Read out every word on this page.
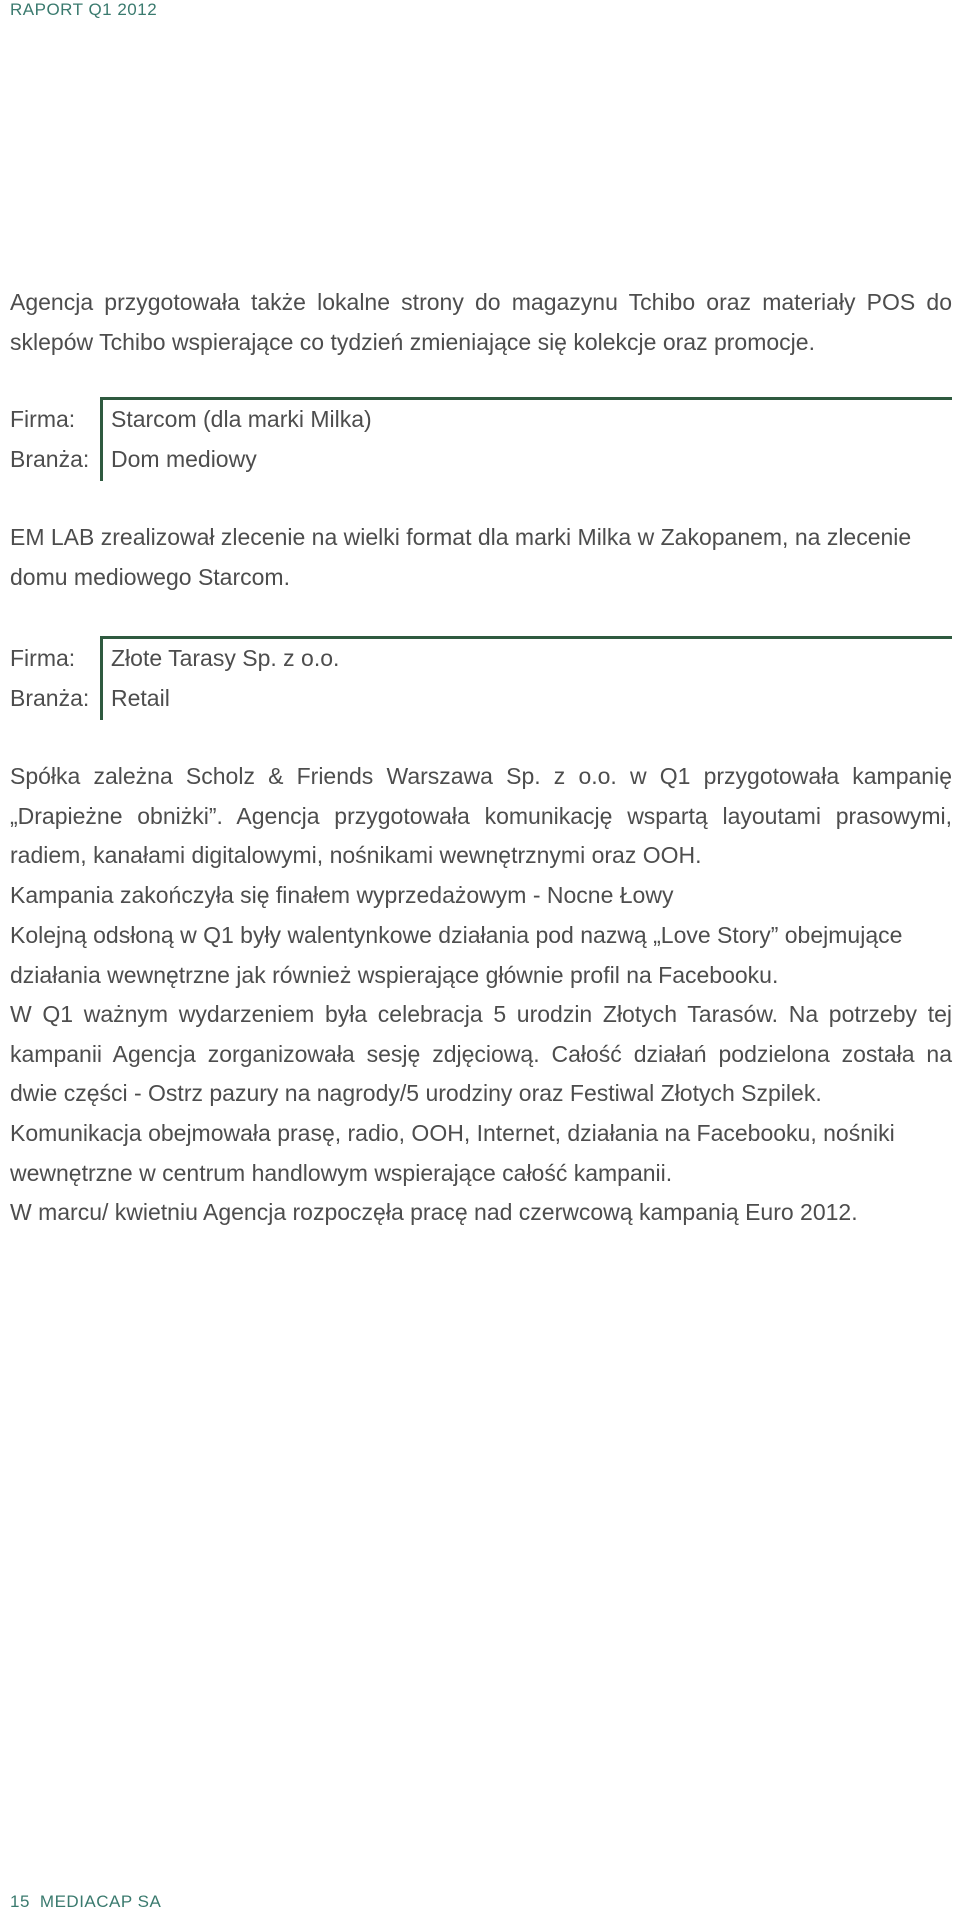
RAPORT Q1 2012

Agencja przygotowała także lokalne strony do magazynu Tchibo oraz materiały POS do sklepów Tchibo wspierające co tydzień zmieniające się kolekcje oraz promocje.

Firma:	Starcom (dla marki Milka)
Branża: Dom mediowy

EM LAB zrealizował zlecenie na wielki format dla marki Milka w Zakopanem, na zlecenie domu mediowego Starcom.

Firma:	Złote Tarasy Sp. z o.o.
Branża: Retail

Spółka zależna Scholz & Friends Warszawa Sp. z o.o. w Q1 przygotowała kampanię „Drapieżne obniżki”. Agencja przygotowała komunikację wspartą layoutami prasowymi, radiem, kanałami digitalowymi, nośnikami wewnętrznymi oraz OOH.

Kampania zakończyła się finałem wyprzedażowym - Nocne Łowy

Kolejną odsłoną w Q1 były walentynkowe działania pod nazwą „Love Story” obejmujące działania wewnętrzne jak również wspierające głównie profil na Facebooku.

W Q1 ważnym wydarzeniem była celebracja 5 urodzin Złotych Tarasów. Na potrzeby tej kampanii Agencja zorganizowała sesję zdjęciową. Całość działań podzielona została na dwie części - Ostrz pazury na nagrody/5 urodziny oraz Festiwal Złotych Szpilek.

Komunikacja obejmowała prasę, radio, OOH, Internet, działania na Facebooku, nośniki wewnętrzne w centrum handlowym wspierające całość kampanii.

W marcu/ kwietniu Agencja rozpoczęła pracę nad czerwcową kampanią Euro 2012.

15 MEDIACAP SA
